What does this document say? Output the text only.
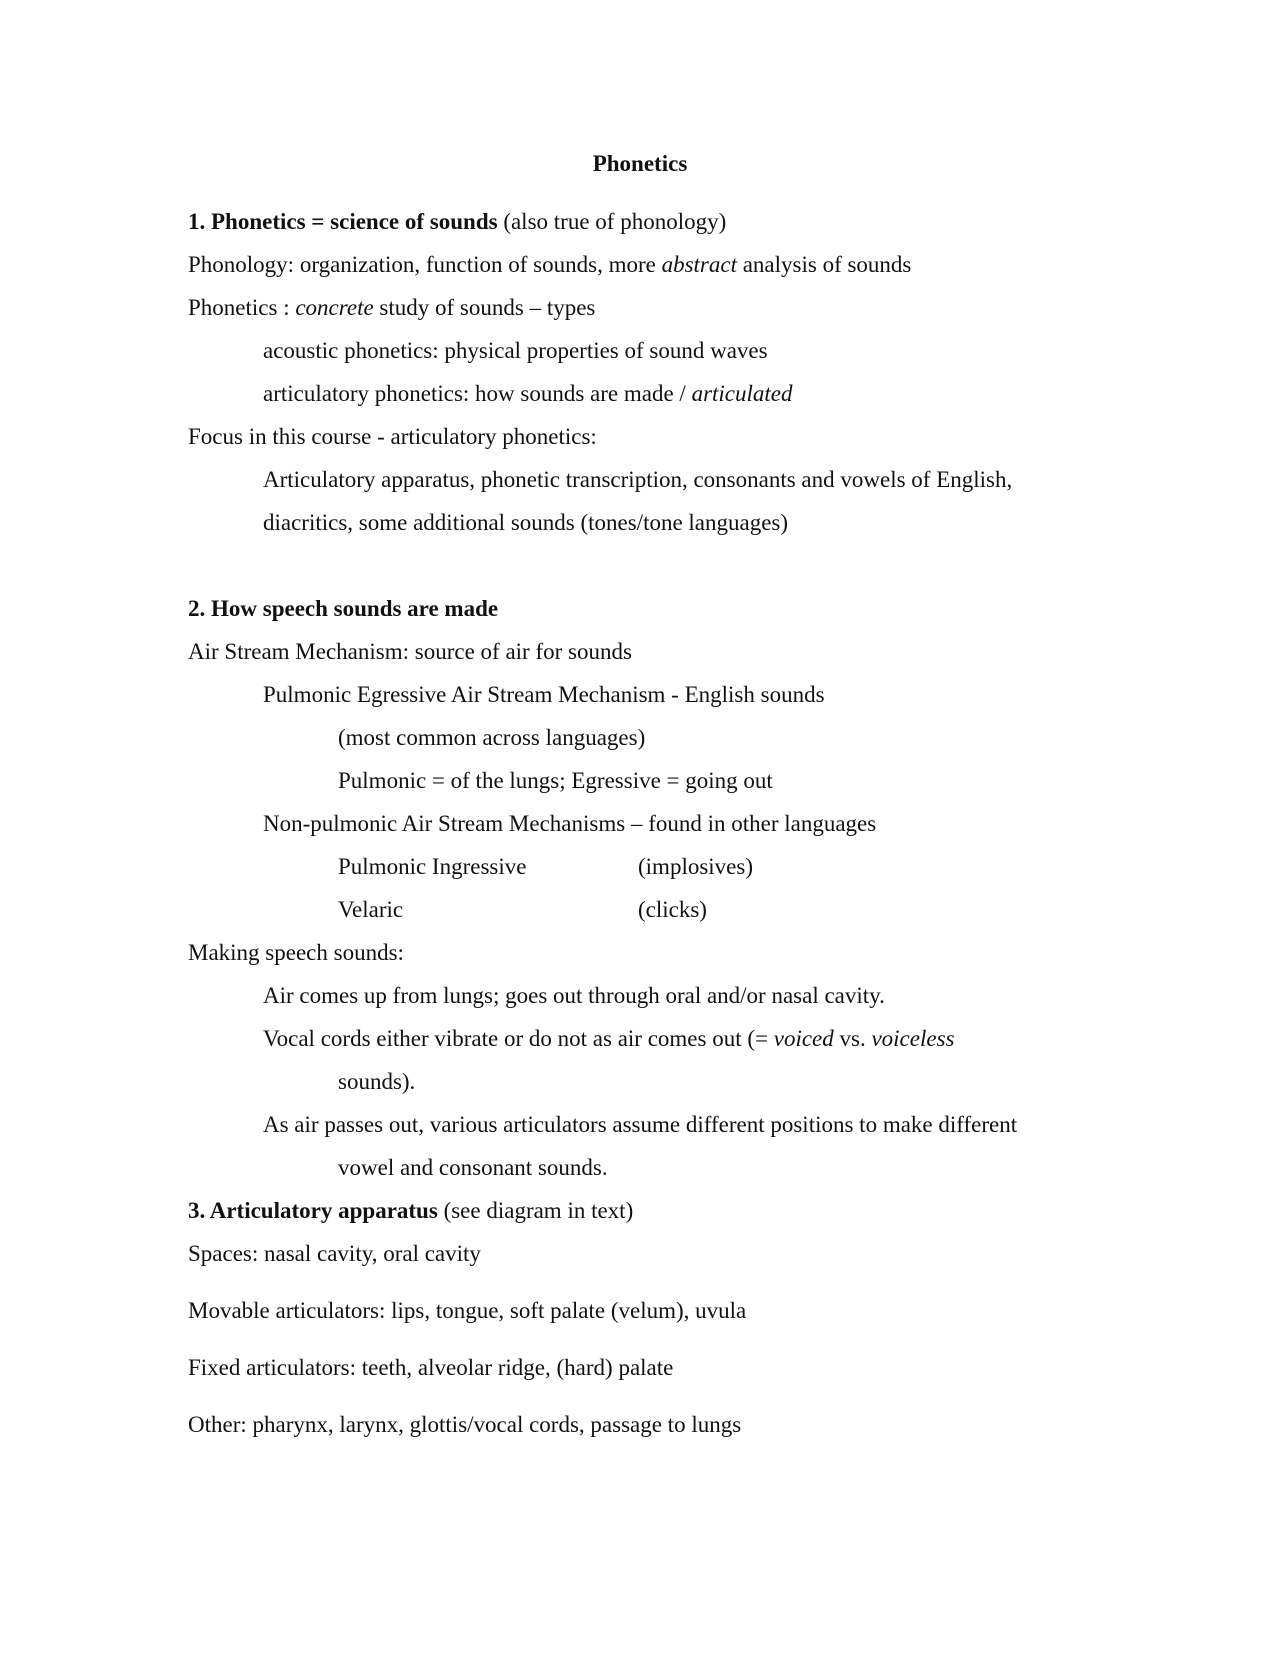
Phonetics
1. Phonetics = science of sounds (also true of phonology)
Phonology: organization, function of sounds, more abstract analysis of sounds
Phonetics : concrete study of sounds – types
acoustic phonetics: physical properties of sound waves
articulatory phonetics: how sounds are made / articulated
Focus in this course - articulatory phonetics:
Articulatory apparatus, phonetic transcription, consonants and vowels of English,
diacritics, some additional sounds (tones/tone languages)
2. How speech sounds are made
Air Stream Mechanism: source of air for sounds
Pulmonic Egressive Air Stream Mechanism - English sounds
(most common across languages)
Pulmonic = of the lungs; Egressive = going out
Non-pulmonic Air Stream Mechanisms – found in other languages
Pulmonic Ingressive	(implosives)
Velaric	(clicks)
Making speech sounds:
Air comes up from lungs; goes out through oral and/or nasal cavity.
Vocal cords either vibrate or do not as air comes out (= voiced vs. voiceless
sounds).
As air passes out, various articulators assume different positions to make different
vowel and consonant sounds.
3. Articulatory apparatus (see diagram in text)
Spaces: nasal cavity, oral cavity
Movable articulators: lips, tongue, soft palate (velum), uvula
Fixed articulators: teeth, alveolar ridge, (hard) palate
Other: pharynx, larynx, glottis/vocal cords, passage to lungs
